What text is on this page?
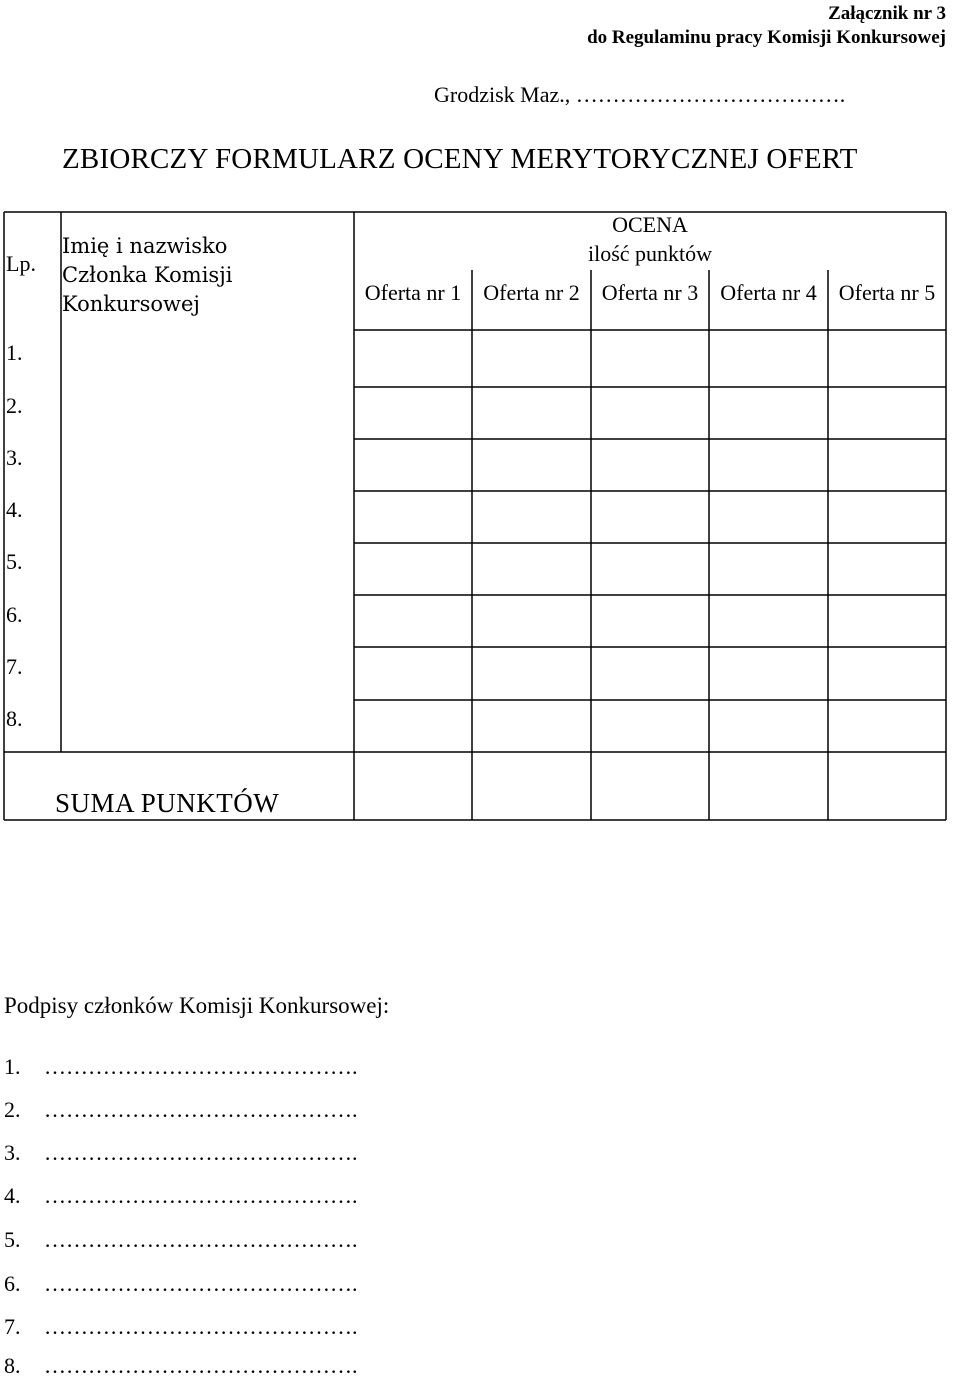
Załącznik nr 3
do Regulaminu pracy Komisji Konkursowej
Grodzisk Maz., ……………………………….
ZBIORCZY FORMULARZ OCENY MERYTORYCZNEJ OFERT
Lp.
Imię i nazwisko
Członka Komisji
Konkursowej
OCENA
ilość punktów
Oferta nr 1 Oferta nr 2 Oferta nr 3 Oferta nr 4 Oferta nr 5
1.
2.
3.
4.
5.
6.
7.
8.
SUMA PUNKTÓW
Podpisy członków Komisji Konkursowej:
1. …………………………………….
2. …………………………………….
3. …………………………………….
4. …………………………………….
5. …………………………………….
6. …………………………………….
7. …………………………………….
8. …………………………………….
